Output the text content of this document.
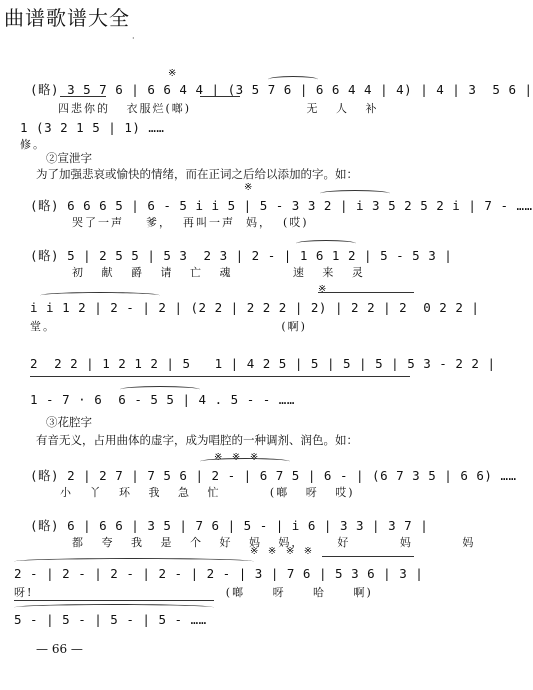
曲谱歌谱大全
·
※
(略) 3 5 7 6 | 6 6 4 4 | (3 5 7 6 | 6 6 4 4 | 4) | 4 | 3  5 6 |
四悲你的   衣服烂(啷)                     无   人   补
1 (3 2 1 5 | 1) ……
修。
②宣泄字
为了加强悲哀或愉快的情绪，而在正词之后给以添加的字。如：
※
(略) 6 6 6 5 | 6 - 5 i i 5 | 5 - 3 3 2 | i 3 5 2 5 2 i | 7 - ……
哭了一声    爹，  再叫一声  妈，  (哎)
(略) 5 | 2 5 5 | 5 3  2 3 | 2 - | 1 6 1 2 | 5 - 5 3 |
初   献   爵   请   亡   魂           速   来   灵
※
i i 1 2 | 2 - | 2 | (2 2 | 2 2 2 | 2) | 2 2 | 2  0 2 2 |
堂。                                         (啊)
2  2 2 | 1 2 1 2 | 5   1 | 4 2 5 | 5 | 5 | 5 | 5 3 - 2 2 |
1 - 7 · 6  6 - 5 5 | 4 . 5 - - ……
③花腔字
有音无义，占用曲体的虚字，成为唱腔的一种调剂、润色。如：
※   ※   ※
(略) 2 | 2 7 | 7 5 6 | 2 - | 6 7 5 | 6 - | (6 7 3 5 | 6 6) ……
小   丫   环   我   急   忙         (啷   呀   哎)
(略) 6 | 6 6 | 3 5 | 7 6 | 5 - | i 6 | 3 3 | 3 7 |
都   夸   我   是   个   好   妈   妈，      好         妈         妈
※   ※   ※   ※
2 - | 2 - | 2 - | 2 - | 2 - | 3 | 7 6 | 5 3 6 | 3 |
呀!                                   (啷     呀     哈     啊)
5 - | 5 - | 5 - | 5 - ……
— 66 —
